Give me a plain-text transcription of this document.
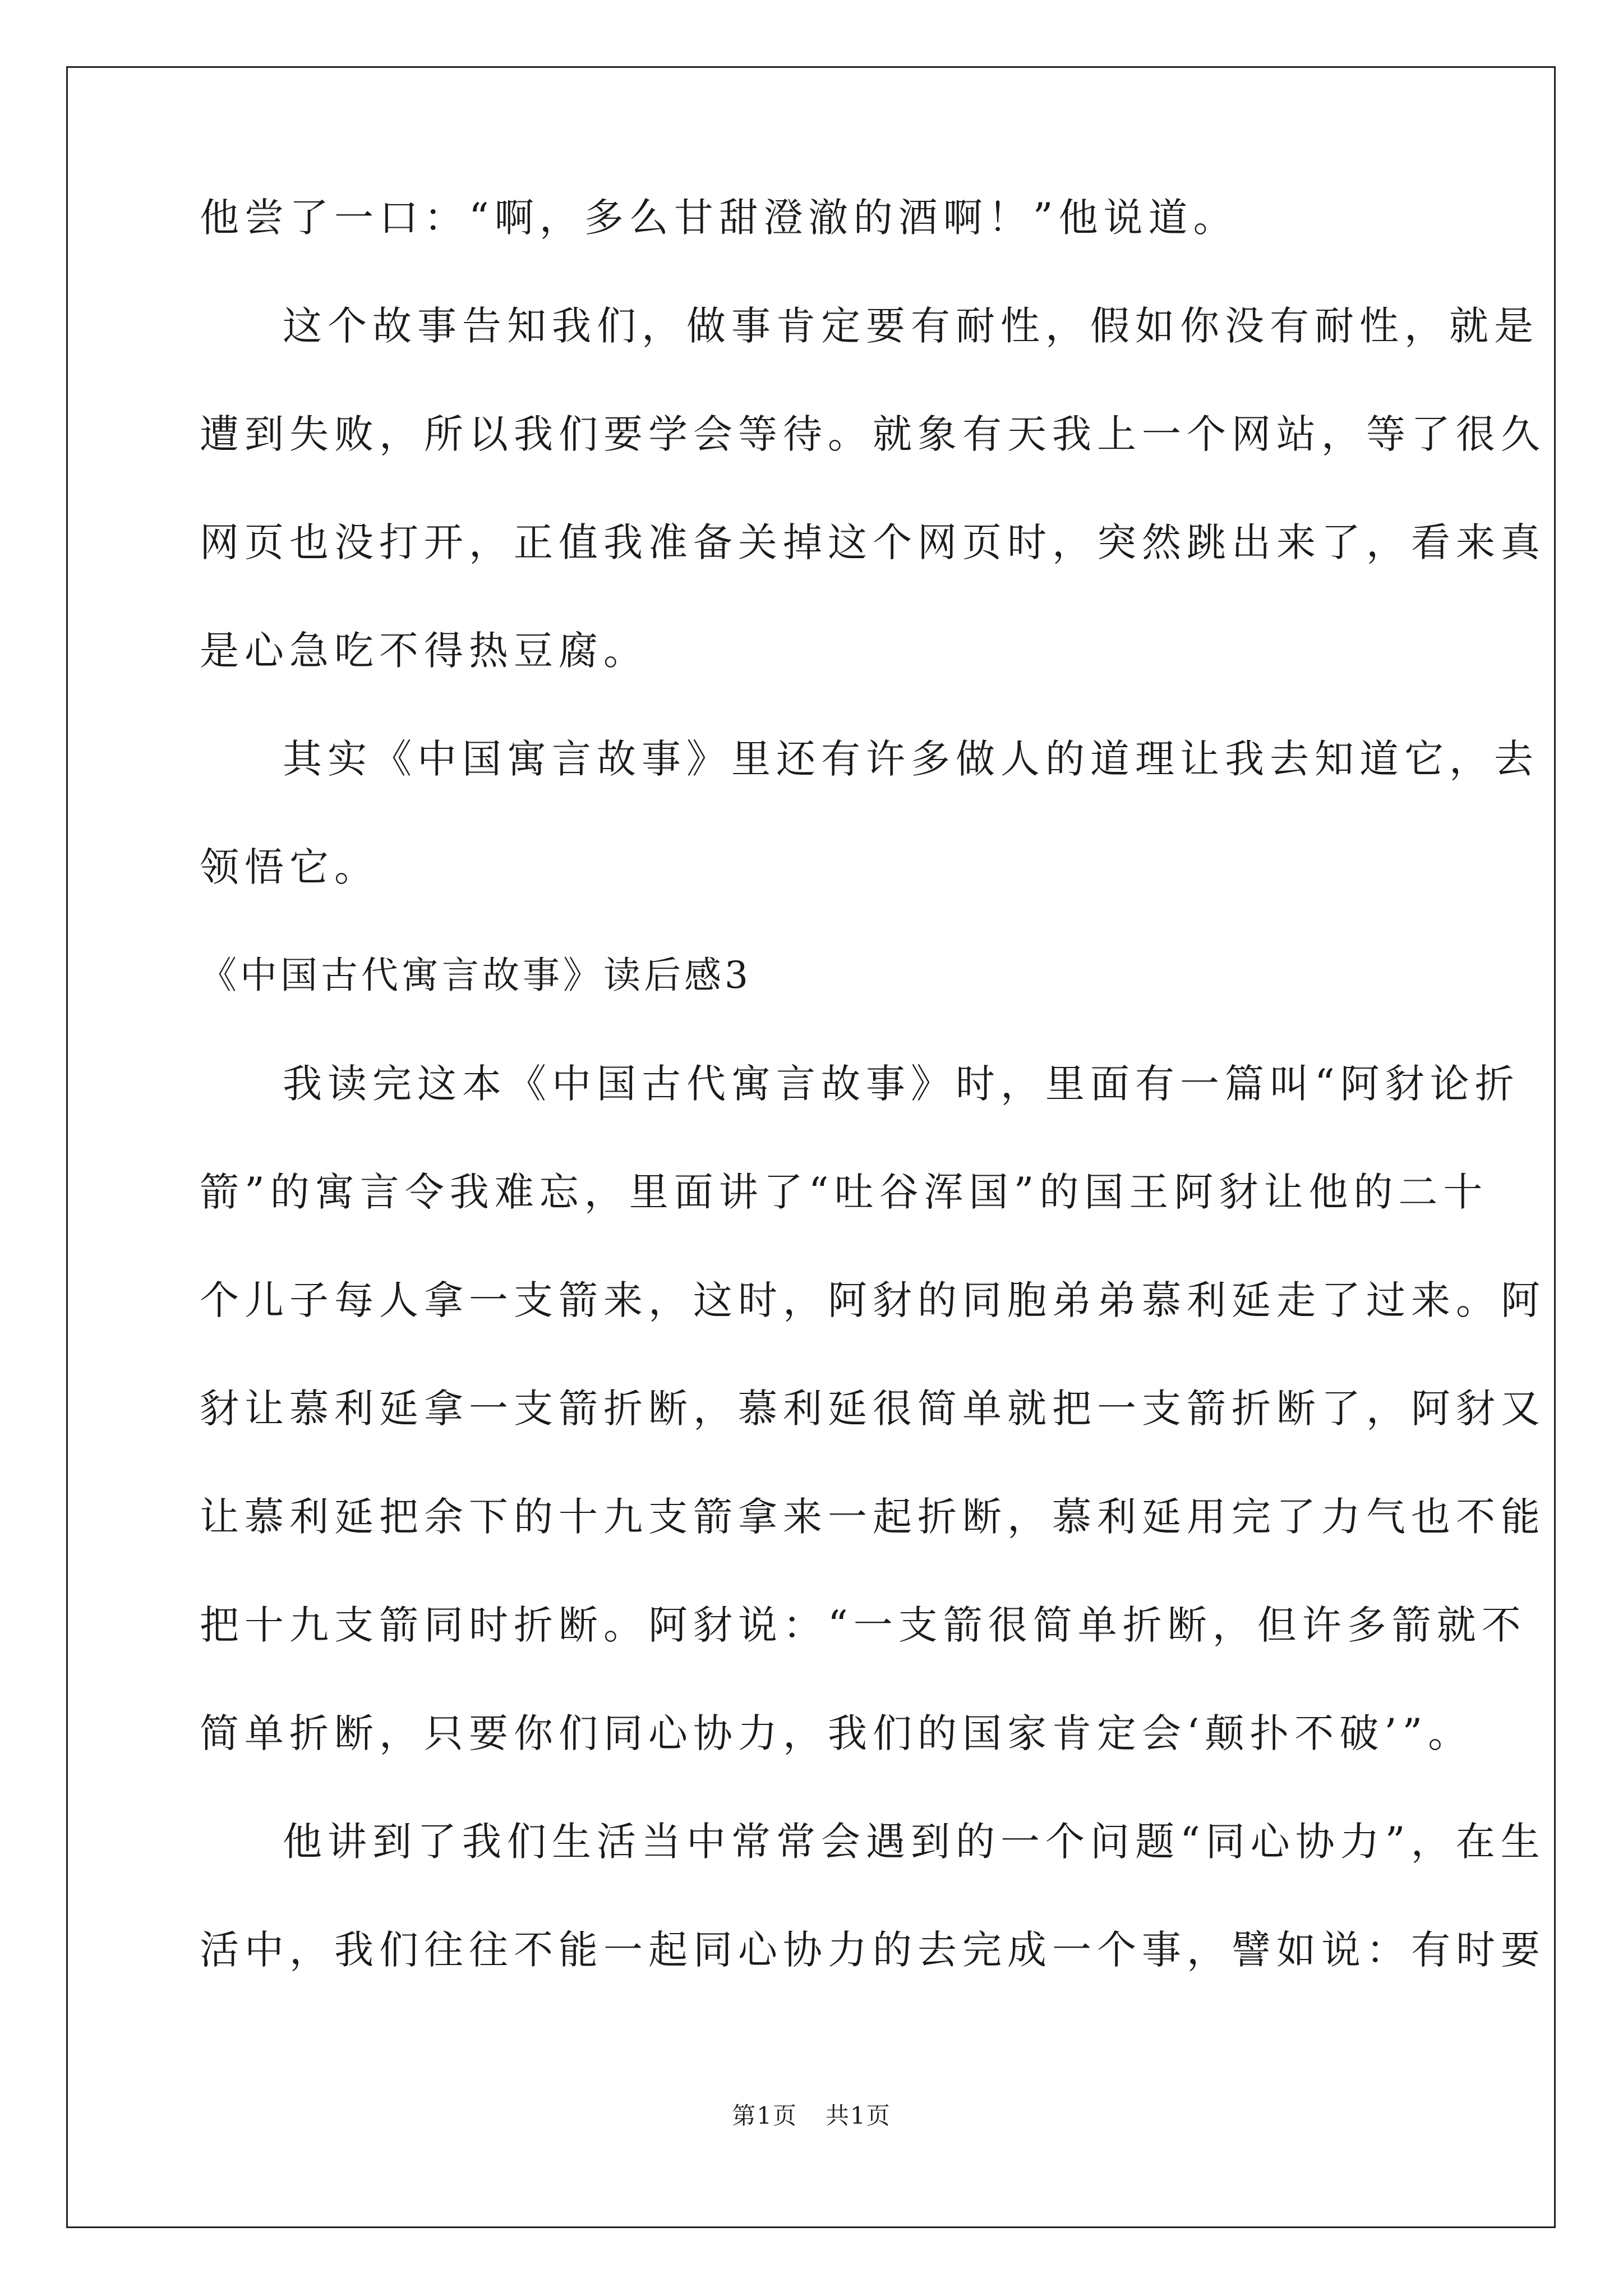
他尝了一口：“啊，多么甘甜澄澈的酒啊！”他说道。
这个故事告知我们，做事肯定要有耐性，假如你没有耐性，就是
遭到失败，所以我们要学会等待。就象有天我上一个网站，等了很久
网页也没打开，正值我准备关掉这个网页时，突然跳出来了，看来真
是心急吃不得热豆腐。
其实《中国寓言故事》里还有许多做人的道理让我去知道它，去
领悟它。
《中国古代寓言故事》读后感3
我读完这本《中国古代寓言故事》时，里面有一篇叫“阿豺论折
箭”的寓言令我难忘，里面讲了“吐谷浑国”的国王阿豺让他的二十
个儿子每人拿一支箭来，这时，阿豺的同胞弟弟慕利延走了过来。阿
豺让慕利延拿一支箭折断，慕利延很简单就把一支箭折断了，阿豺又
让慕利延把余下的十九支箭拿来一起折断，慕利延用完了力气也不能
把十九支箭同时折断。阿豺说：“一支箭很简单折断，但许多箭就不
简单折断，只要你们同心协力，我们的国家肯定会‘颠扑不破’”。
他讲到了我们生活当中常常会遇到的一个问题“同心协力”，在生
活中，我们往往不能一起同心协力的去完成一个事，譬如说：有时要
第1页 共1页
